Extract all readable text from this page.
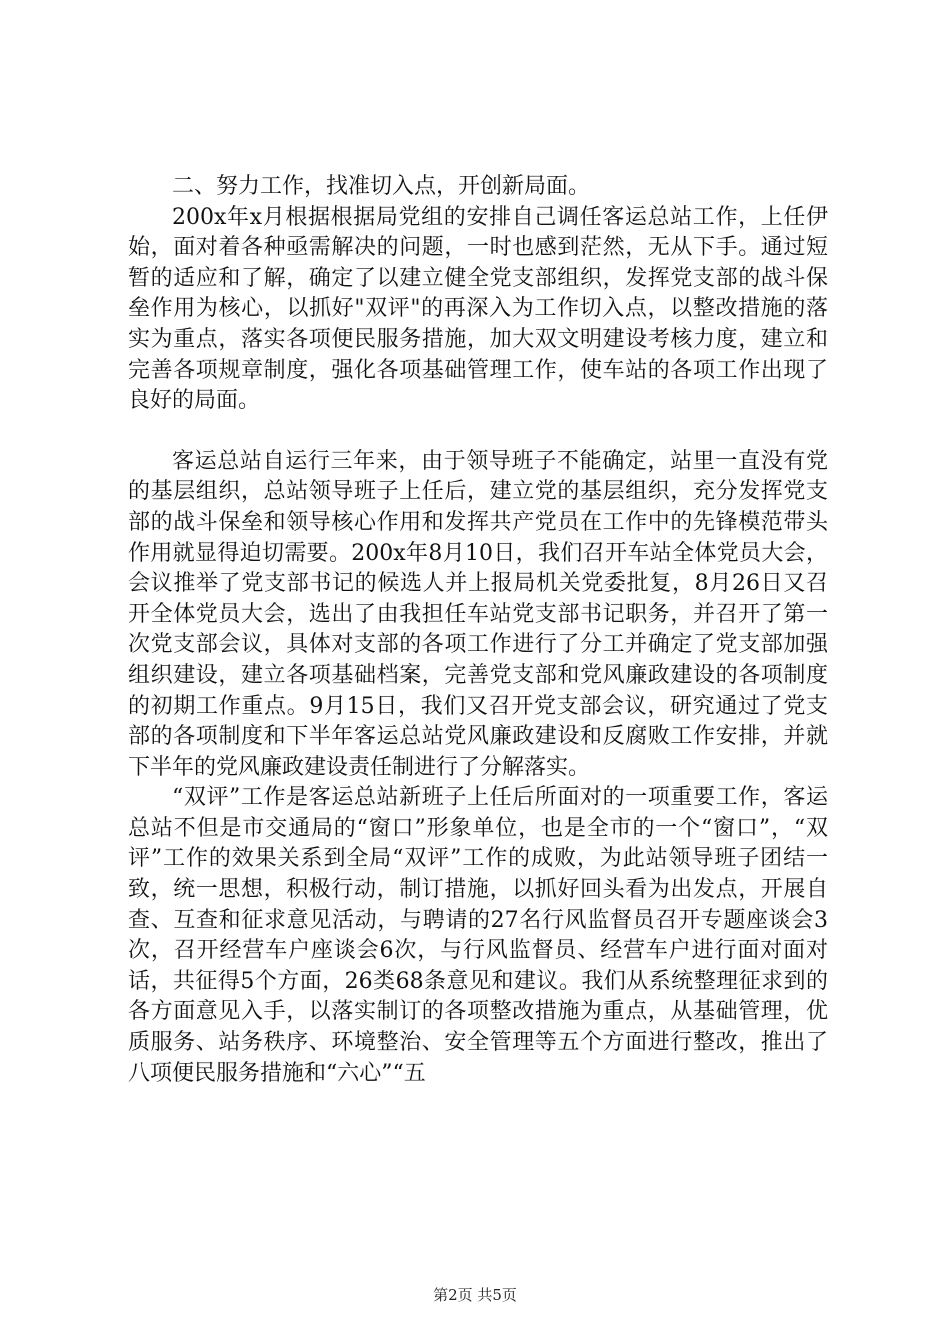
二、努力工作，找准切入点，开创新局面。

200x年x月根据根据局党组的安排自己调任客运总站工作，上任伊始，面对着各种亟需解决的问题，一时也感到茫然，无从下手。通过短暂的适应和了解，确定了以建立健全党支部组织，发挥党支部的战斗保垒作用为核心，以抓好"双评"的再深入为工作切入点，以整改措施的落实为重点，落实各项便民服务措施，加大双文明建设考核力度，建立和完善各项规章制度，强化各项基础管理工作，使车站的各项工作出现了良好的局面。

客运总站自运行三年来，由于领导班子不能确定，站里一直没有党的基层组织，总站领导班子上任后，建立党的基层组织，充分发挥党支部的战斗保垒和领导核心作用和发挥共产党员在工作中的先锋模范带头作用就显得迫切需要。200x年8月10日，我们召开车站全体党员大会，会议推举了党支部书记的候选人并上报局机关党委批复，8月26日又召开全体党员大会，选出了由我担任车站党支部书记职务，并召开了第一次党支部会议，具体对支部的各项工作进行了分工并确定了党支部加强组织建设，建立各项基础档案，完善党支部和党风廉政建设的各项制度的初期工作重点。9月15日，我们又召开党支部会议，研究通过了党支部的各项制度和下半年客运总站党风廉政建设和反腐败工作安排，并就下半年的党风廉政建设责任制进行了分解落实。

“双评”工作是客运总站新班子上任后所面对的一项重要工作，客运总站不但是市交通局的“窗口”形象单位，也是全市的一个“窗口”，“双评”工作的效果关系到全局“双评”工作的成败，为此站领导班子团结一致，统一思想，积极行动，制订措施，以抓好回头看为出发点，开展自查、互查和征求意见活动，与聘请的27名行风监督员召开专题座谈会3次，召开经营车户座谈会6次，与行风监督员、经营车户进行面对面对话，共征得5个方面，26类68条意见和建议。我们从系统整理征求到的各方面意见入手，以落实制订的各项整改措施为重点，从基础管理，优质服务、站务秩序、环境整治、安全管理等五个方面进行整改，推出了八项便民服务措施和“六心”“五

第2页 共5页
